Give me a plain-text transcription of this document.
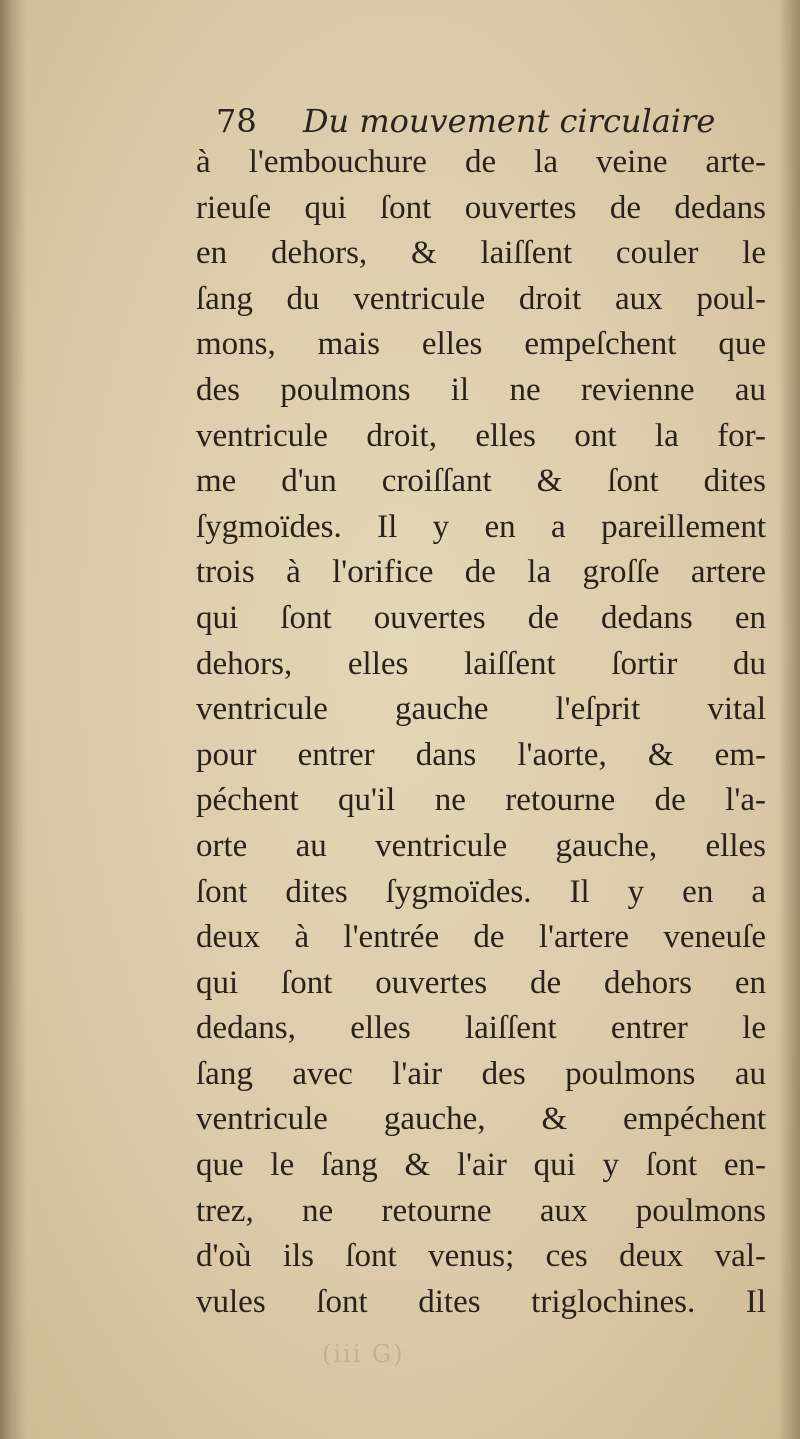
78 Du mouvement circulaire
à l'embouchure de la veine arte-
rieuſe qui ſont ouvertes de dedans
en dehors, & laiſſent couler le
ſang du ventricule droit aux poul-
mons, mais elles empeſchent que
des poulmons il ne revienne au
ventricule droit, elles ont la for-
me d'un croiſſant & ſont dites
ſygmoïdes. Il y en a pareillement
trois à l'orifice de la groſſe artere
qui ſont ouvertes de dedans en
dehors, elles laiſſent ſortir du
ventricule gauche l'eſprit vital
pour entrer dans l'aorte, & em-
péchent qu'il ne retourne de l'a-
orte au ventricule gauche, elles
ſont dites ſygmoïdes. Il y en a
deux à l'entrée de l'artere veneuſe
qui ſont ouvertes de dehors en
dedans, elles laiſſent entrer le
ſang avec l'air des poulmons au
ventricule gauche, & empéchent
que le ſang & l'air qui y ſont en-
trez, ne retourne aux poulmons
d'où ils ſont venus; ces deux val-
vules ſont dites triglochines. Il
(iii G)
